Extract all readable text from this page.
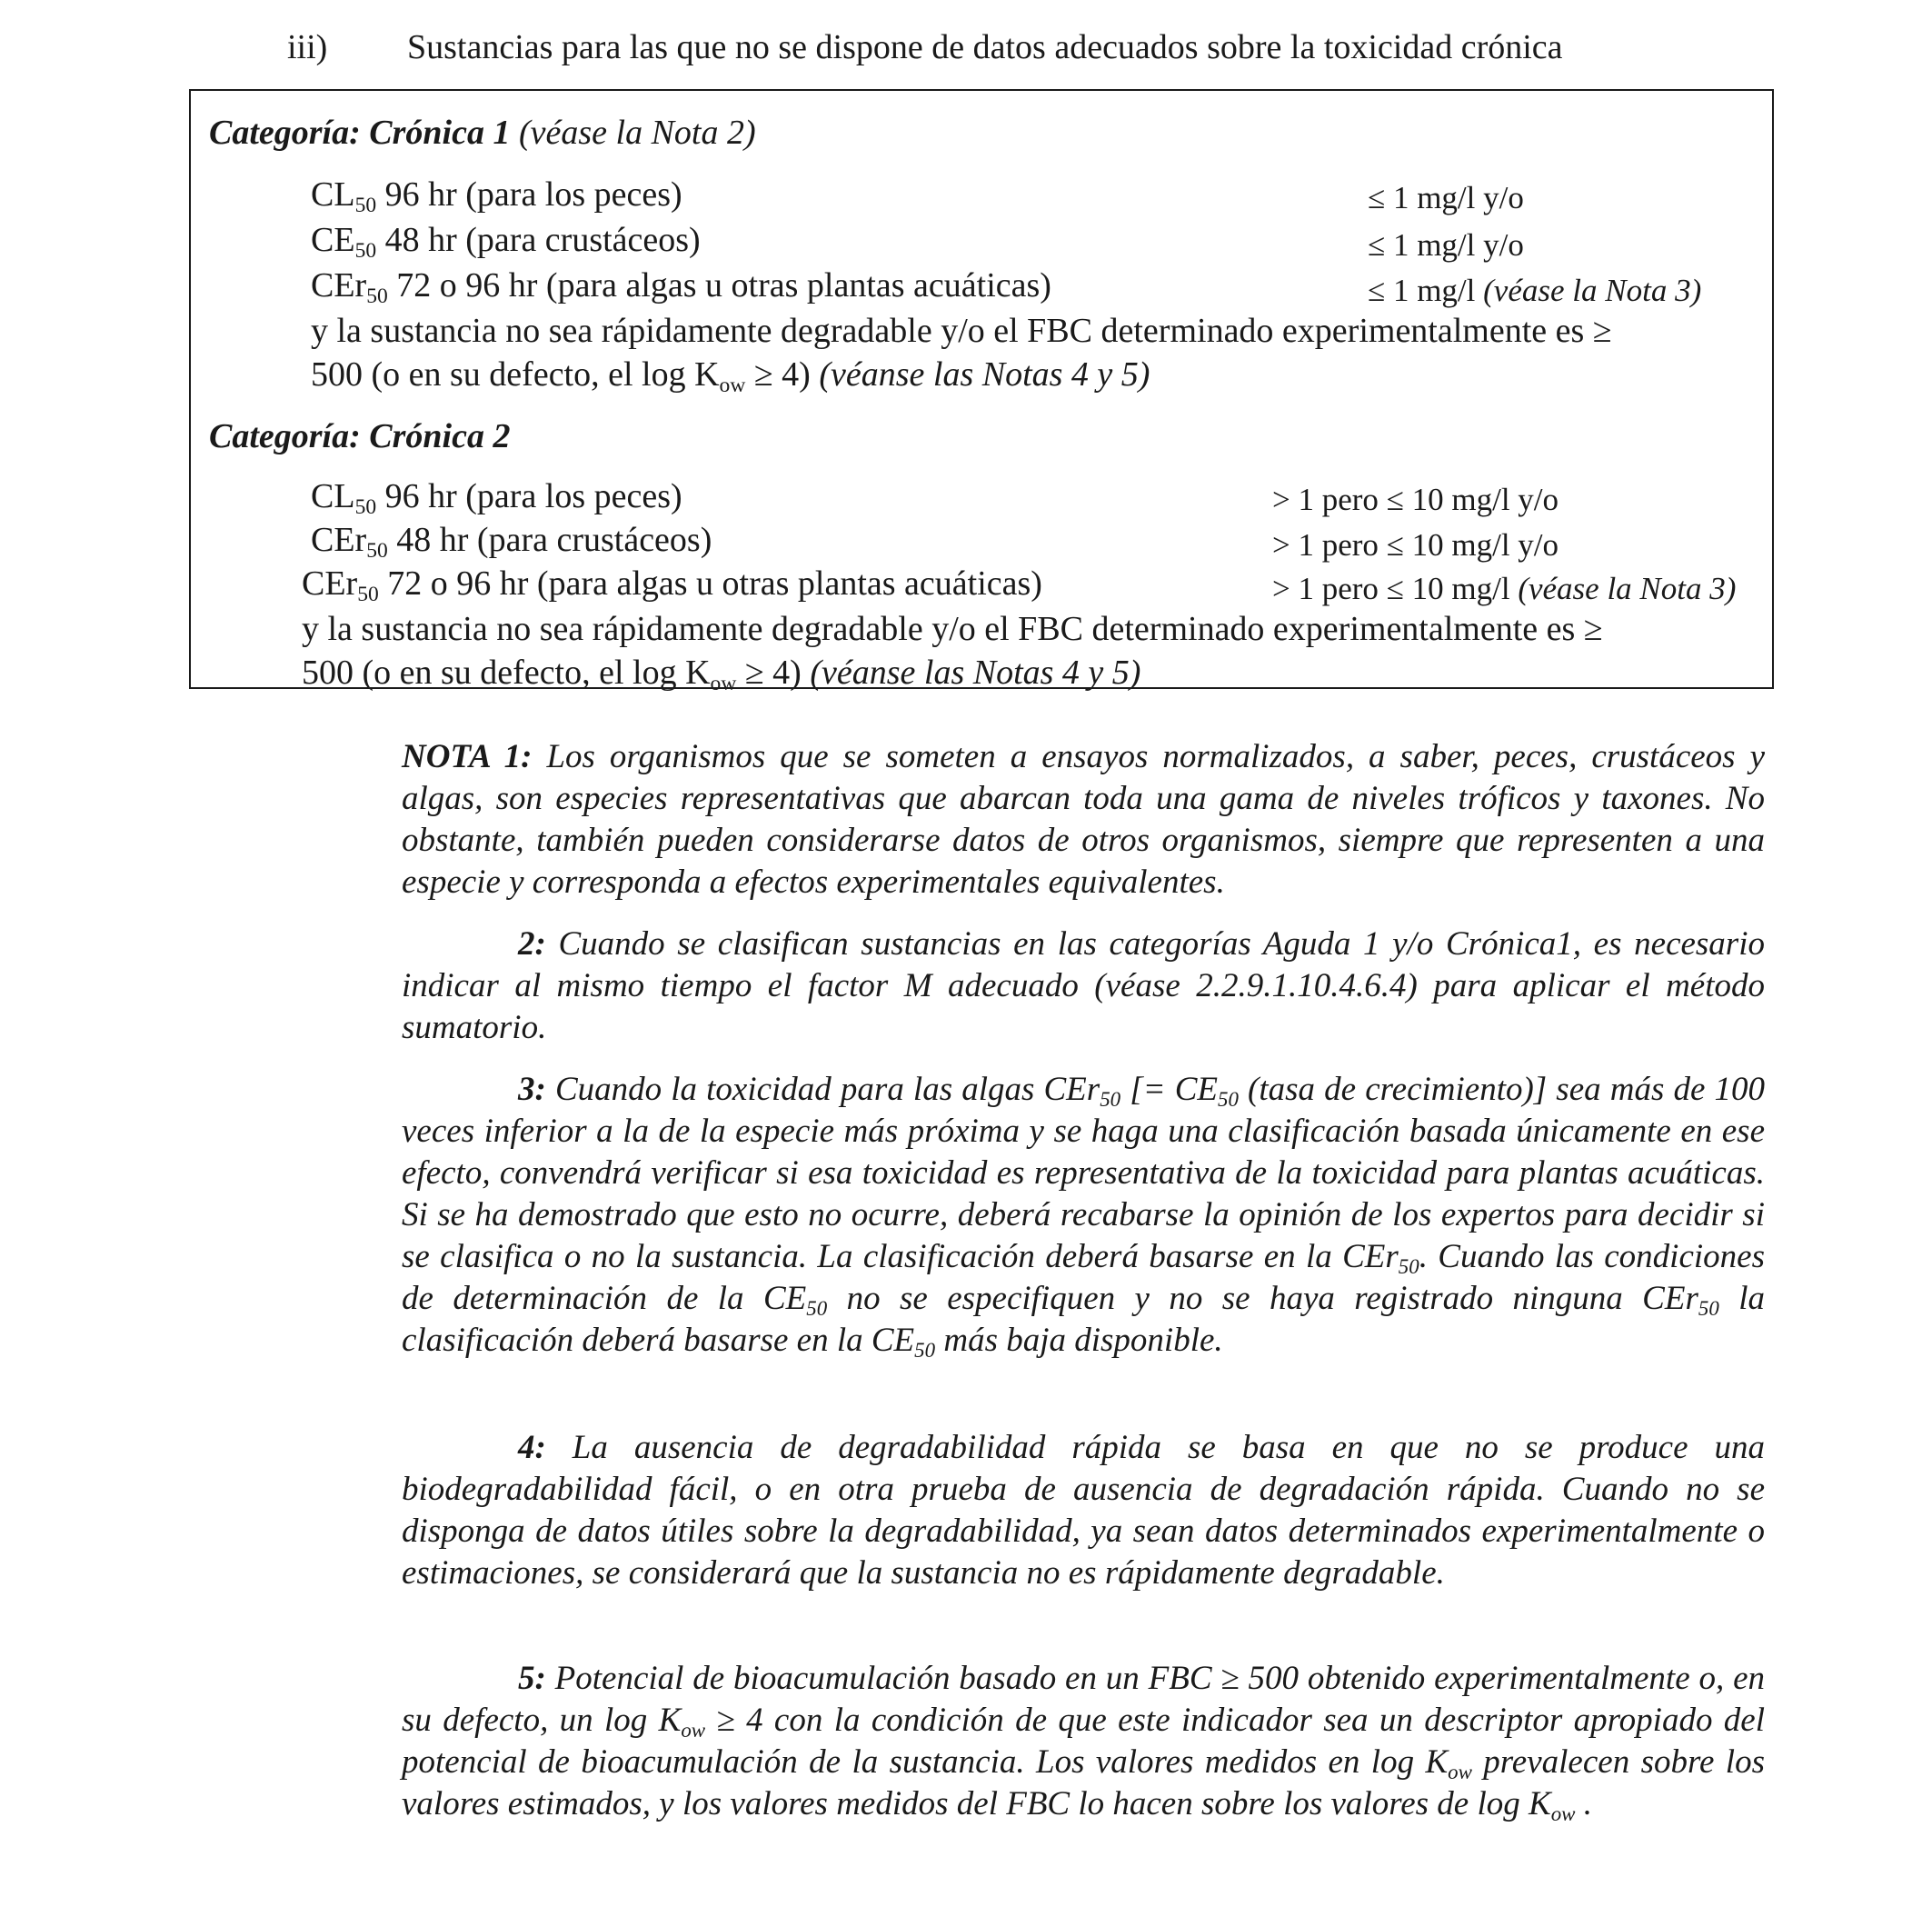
iii) Sustancias para las que no se dispone de datos adecuados sobre la toxicidad crónica
Categoría: Crónica 1 (véase la Nota 2)
$CL_{50}$ 96 hr (para los peces)	≤ 1 mg/l y/o
$CE_{50}$ 48 hr (para crustáceos)	≤ 1 mg/l y/o
CEr$_{50}$ 72 o 96 hr (para algas u otras plantas acuáticas)	≤ 1 mg/l (véase la Nota 3)
y la sustancia no sea rápidamente degradable y/o el FBC determinado experimentalmente es ≥
500 (o en su defecto, el $\log K_{ow} \ge 4$) (véanse las Notas 4 y 5)
Categoría: Crónica 2
$CL_{50}$ 96 hr (para los peces)	> 1 pero ≤ 10 mg/l y/o
CEr$_{50}$ 48 hr (para crustáceos)	> 1 pero ≤ 10 mg/l y/o
CEr$_{50}$ 72 o 96 hr (para algas u otras plantas acuáticas)	> 1 pero ≤ 10 mg/l (véase la Nota 3)
y la sustancia no sea rápidamente degradable y/o el FBC determinado experimentalmente es ≥
500 (o en su defecto, el $\log K_{ow} \ge 4$) (véanse las Notas 4 y 5)
NOTA 1: Los organismos que se someten a ensayos normalizados, a saber, peces, crustáceos y algas, son especies representativas que abarcan toda una gama de niveles tróficos y taxones. No obstante, también pueden considerarse datos de otros organismos, siempre que representen a una especie y corresponda a efectos experimentales equivalentes.
2: Cuando se clasifican sustancias en las categorías Aguda 1 y/o Crónica1, es necesario indicar al mismo tiempo el factor M adecuado (véase 2.2.9.1.10.4.6.4) para aplicar el método sumatorio.
3: Cuando la toxicidad para las algas CEr$_{50}$ [= $CE_{50}$ (tasa de crecimiento)] sea más de 100 veces inferior a la de la especie más próxima y se haga una clasificación basada únicamente en ese efecto, convendrá verificar si esa toxicidad es representativa de la toxicidad para plantas acuáticas. Si se ha demostrado que esto no ocurre, deberá recabarse la opinión de los expertos para decidir si se clasifica o no la sustancia. La clasificación deberá basarse en la CEr$_{50}$. Cuando las condiciones de determinación de la $CE_{50}$ no se especifiquen y no se haya registrado ninguna CEr$_{50}$ la clasificación deberá basarse en la $CE_{50}$ más baja disponible.
4: La ausencia de degradabilidad rápida se basa en que no se produce una biodegradabilidad fácil, o en otra prueba de ausencia de degradación rápida. Cuando no se disponga de datos útiles sobre la degradabilidad, ya sean datos determinados experimentalmente o estimaciones, se considerará que la sustancia no es rápidamente degradable.
5: Potencial de bioacumulación basado en un FBC ≥ 500 obtenido experimentalmente o, en su defecto, un $\log K_{ow} \ge 4$ con la condición de que este indicador sea un descriptor apropiado del potencial de bioacumulación de la sustancia. Los valores medidos en $\log K_{ow}$ prevalecen sobre los valores estimados, y los valores medidos del FBC lo hacen sobre los valores de $\log K_{ow}$ .
